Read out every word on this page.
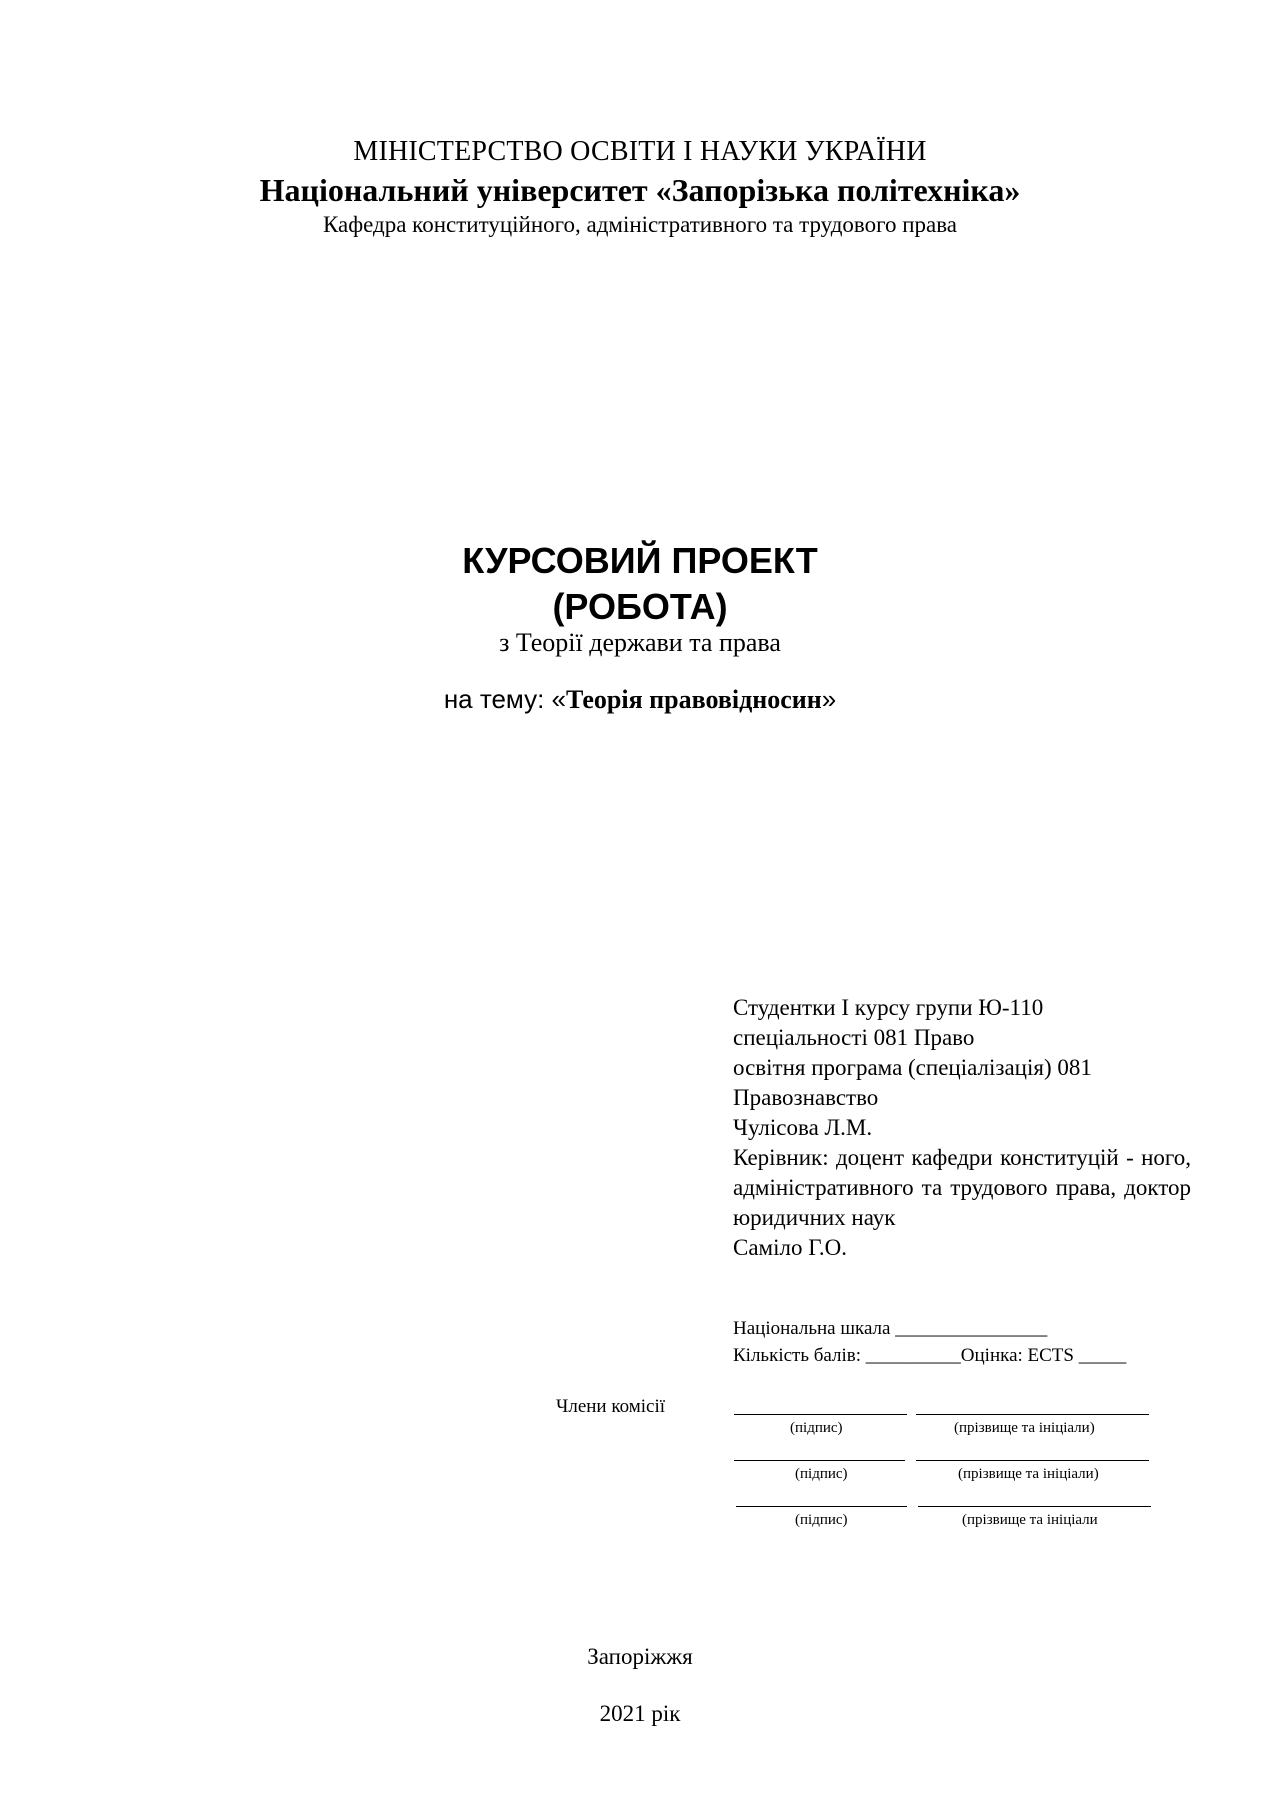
МІНІСТЕРСТВО ОСВІТИ І НАУКИ УКРАЇНИ
Національний університет «Запорізька політехніка»
Кафедра конституційного, адміністративного та трудового права
КУРСОВИЙ ПРОЕКТ
(РОБОТА)
з Теорії держави та права
на тему: «Теорія правовідносин»
Студентки I курсу групи Ю-110
спеціальності 081 Право
освітня програма (спеціалізація) 081
Правознавство
Чулісова Л.М.
Керівник: доцент кафедри конституцій - ного, адміністративного та трудового права, доктор юридичних наук
Саміло Г.О.
Національна шкала ________________
Кількість балів: __________Оцінка: ECTS _____
Члени комісії
(підпис)	(прізвище та ініціали)
(підпис)	(прізвище та ініціали)
(підпис)	(прізвище та ініціали
Запоріжжя
2021 рік
